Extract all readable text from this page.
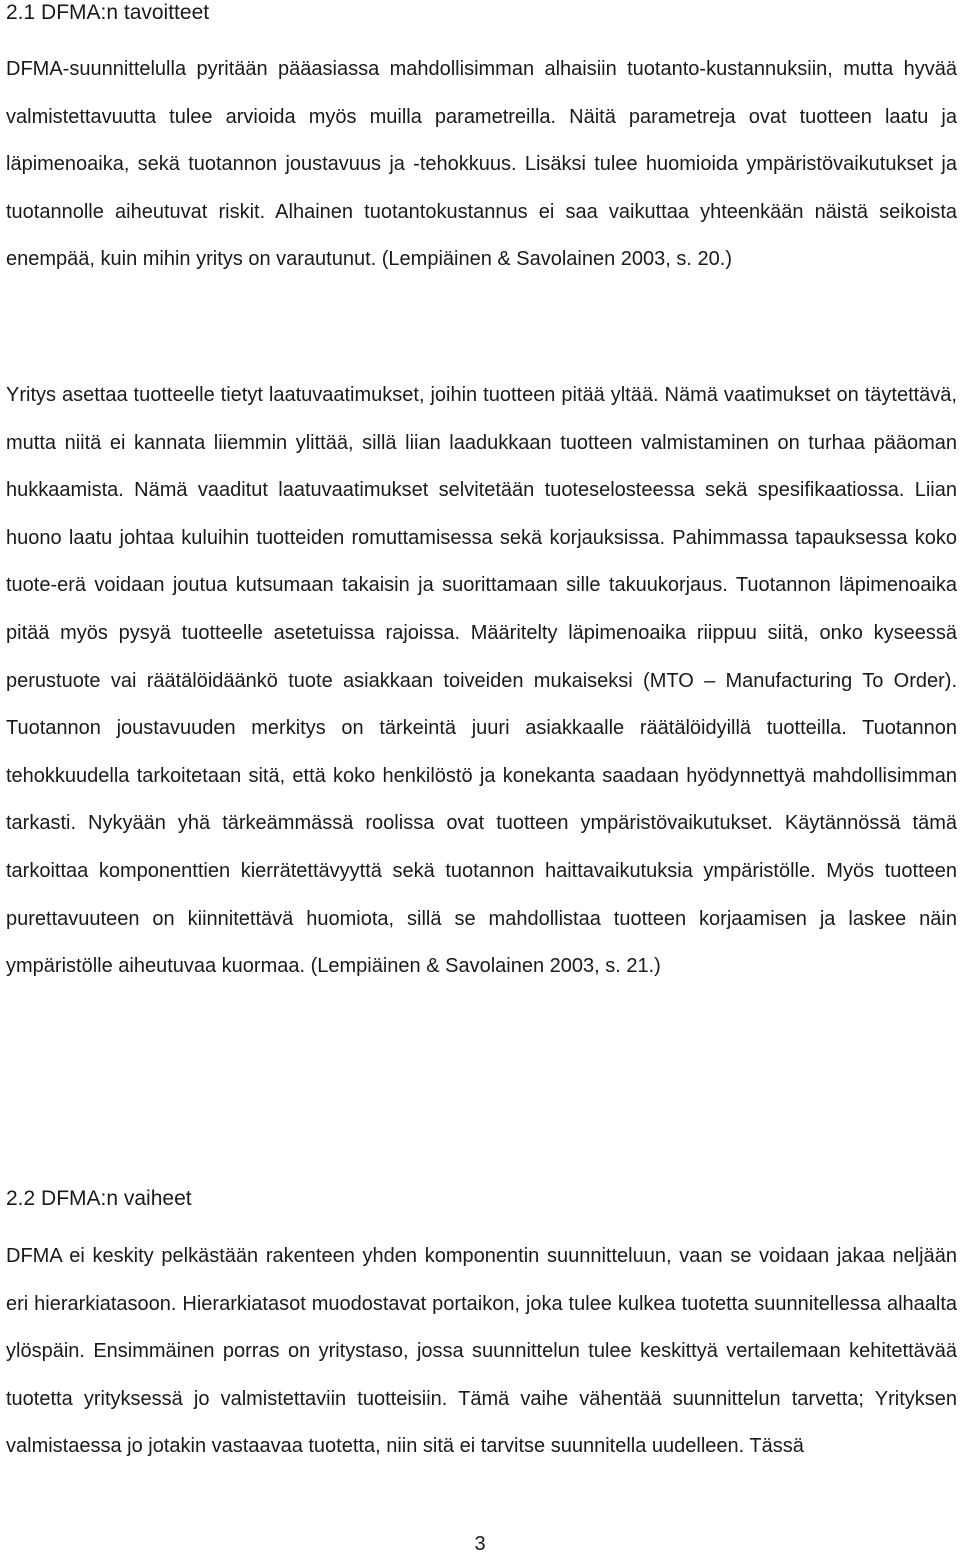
2.1 DFMA:n tavoitteet

DFMA-suunnittelulla pyritään pääasiassa mahdollisimman alhaisiin tuotanto-kustannuksiin, mutta hyvää valmistettavuutta tulee arvioida myös muilla parametreilla. Näitä parametreja ovat tuotteen laatu ja läpimenoaika, sekä tuotannon joustavuus ja -tehokkuus. Lisäksi tulee huomioida ympäristövaikutukset ja tuotannolle aiheutuvat riskit. Alhainen tuotantokustannus ei saa vaikuttaa yhteenkään näistä seikoista enempää, kuin mihin yritys on varautunut. (Lempiäinen & Savolainen 2003, s. 20.)

Yritys asettaa tuotteelle tietyt laatuvaatimukset, joihin tuotteen pitää yltää. Nämä vaatimukset on täytettävä, mutta niitä ei kannata liiemmin ylittää, sillä liian laadukkaan tuotteen valmistaminen on turhaa pääoman hukkaamista. Nämä vaaditut laatuvaatimukset selvitetään tuoteselosteessa sekä spesifikaatiossa. Liian huono laatu johtaa kuluihin tuotteiden romuttamisessa sekä korjauksissa. Pahimmassa tapauksessa koko tuote-erä voidaan joutua kutsumaan takaisin ja suorittamaan sille takuukorjaus. Tuotannon läpimenoaika pitää myös pysyä tuotteelle asetetuissa rajoissa. Määritelty läpimenoaika riippuu siitä, onko kyseessä perustuote vai räätälöidäänkö tuote asiakkaan toiveiden mukaiseksi (MTO – Manufacturing To Order). Tuotannon joustavuuden merkitys on tärkeintä juuri asiakkaalle räätälöidyillä tuotteilla. Tuotannon tehokkuudella tarkoitetaan sitä, että koko henkilöstö ja konekanta saadaan hyödynnettyä mahdollisimman tarkasti. Nykyään yhä tärkeämmässä roolissa ovat tuotteen ympäristövaikutukset. Käytännössä tämä tarkoittaa komponenttien kierrätettävyyttä sekä tuotannon haittavaikutuksia ympäristölle. Myös tuotteen purettavuuteen on kiinnitettävä huomiota, sillä se mahdollistaa tuotteen korjaamisen ja laskee näin ympäristölle aiheutuvaa kuormaa. (Lempiäinen & Savolainen 2003, s. 21.)

2.2 DFMA:n vaiheet

DFMA ei keskity pelkästään rakenteen yhden komponentin suunnitteluun, vaan se voidaan jakaa neljään eri hierarkiatasoon. Hierarkiatasot muodostavat portaikon, joka tulee kulkea tuotetta suunnitellessa alhaalta ylöspäin. Ensimmäinen porras on yritystaso, jossa suunnittelun tulee keskittyä vertailemaan kehitettävää tuotetta yrityksessä jo valmistettaviin tuotteisiin. Tämä vaihe vähentää suunnittelun tarvetta; Yrityksen valmistaessa jo jotakin vastaavaa tuotetta, niin sitä ei tarvitse suunnitella uudelleen. Tässä

3
